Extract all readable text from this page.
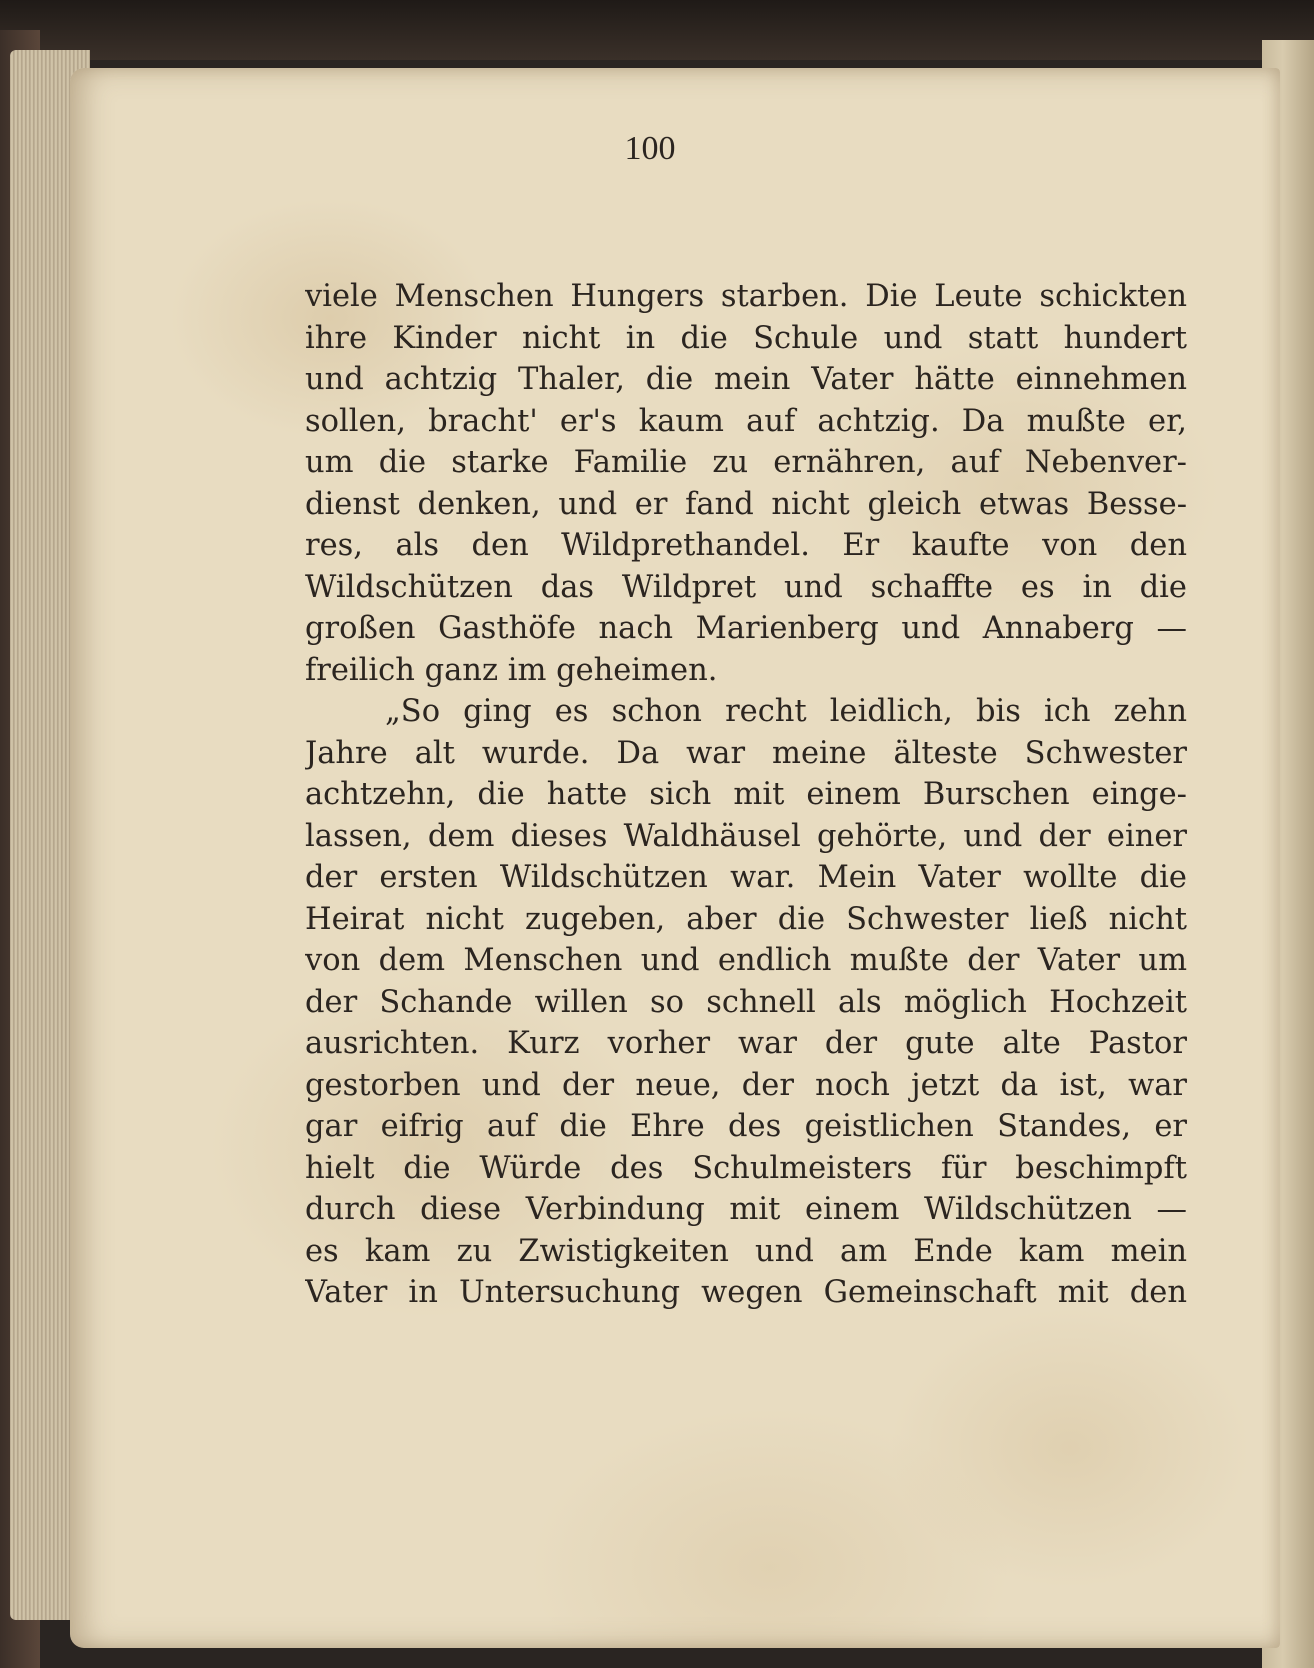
100
viele Menschen Hungers starben. Die Leute schickten
ihre Kinder nicht in die Schule und statt hundert
und achtzig Thaler, die mein Vater hätte einnehmen
sollen, bracht' er's kaum auf achtzig. Da mußte er,
um die starke Familie zu ernähren, auf Nebenver-
dienst denken, und er fand nicht gleich etwas Besse-
res, als den Wildprethandel. Er kaufte von den
Wildschützen das Wildpret und schaffte es in die
großen Gasthöfe nach Marienberg und Annaberg —
freilich ganz im geheimen.
„So ging es schon recht leidlich, bis ich zehn
Jahre alt wurde. Da war meine älteste Schwester
achtzehn, die hatte sich mit einem Burschen einge-
lassen, dem dieses Waldhäusel gehörte, und der einer
der ersten Wildschützen war. Mein Vater wollte die
Heirat nicht zugeben, aber die Schwester ließ nicht
von dem Menschen und endlich mußte der Vater um
der Schande willen so schnell als möglich Hochzeit
ausrichten. Kurz vorher war der gute alte Pastor
gestorben und der neue, der noch jetzt da ist, war
gar eifrig auf die Ehre des geistlichen Standes, er
hielt die Würde des Schulmeisters für beschimpft
durch diese Verbindung mit einem Wildschützen —
es kam zu Zwistigkeiten und am Ende kam mein
Vater in Untersuchung wegen Gemeinschaft mit den
